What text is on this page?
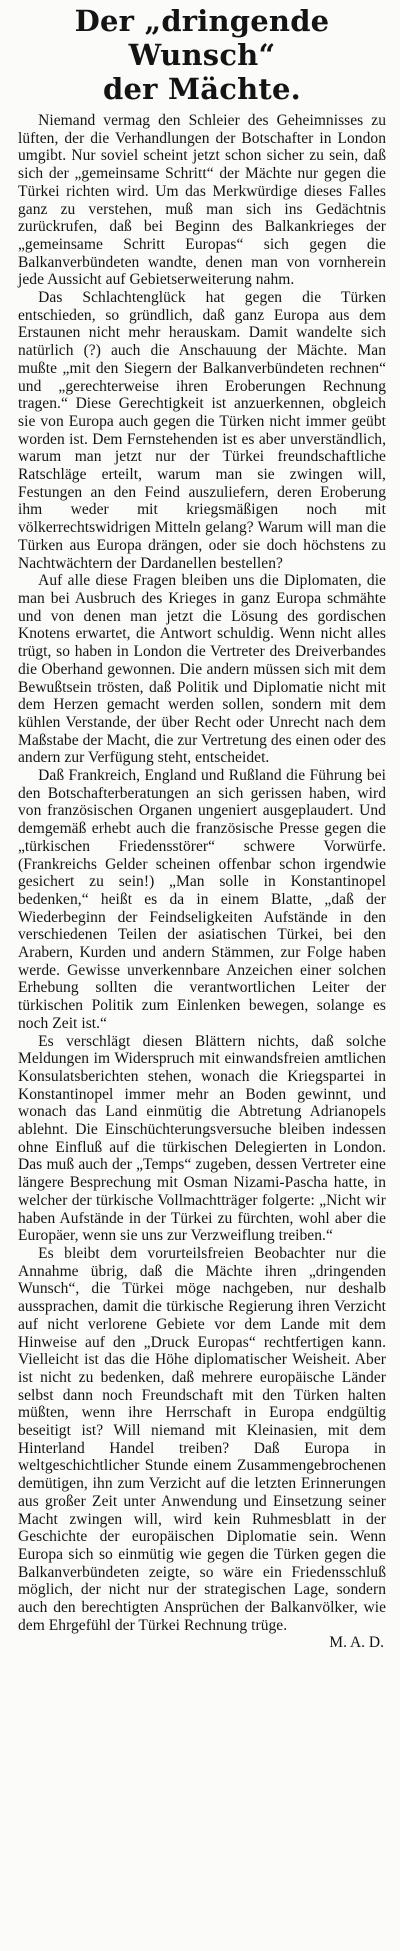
Der „dringende Wunsch“
der Mächte.

Niemand vermag den Schleier des Geheimnisses zu lüften, der die Verhandlungen der Botschafter in London umgibt. Nur soviel scheint jetzt schon sicher zu sein, daß sich der „gemeinsame Schritt“ der Mächte nur gegen die Türkei richten wird. Um das Merkwürdige dieses Falles ganz zu verstehen, muß man sich ins Gedächtnis zurückrufen, daß bei Beginn des Balkankrieges der „gemeinsame Schritt Europas“ sich gegen die Balkanverbündeten wandte, denen man von vornherein jede Aussicht auf Gebietserweiterung nahm.

Das Schlachtenglück hat gegen die Türken entschieden, so gründlich, daß ganz Europa aus dem Erstaunen nicht mehr herauskam. Damit wandelte sich natürlich (?) auch die Anschauung der Mächte. Man mußte „mit den Siegern der Balkanverbündeten rechnen“ und „gerechterweise ihren Eroberungen Rechnung tragen.“ Diese Gerechtigkeit ist anzuerkennen, obgleich sie von Europa auch gegen die Türken nicht immer geübt worden ist. Dem Fernstehenden ist es aber unverständlich, warum man jetzt nur der Türkei freundschaftliche Ratschläge erteilt, warum man sie zwingen will, Festungen an den Feind auszuliefern, deren Eroberung ihm weder mit kriegsmäßigen noch mit völkerrechtswidrigen Mitteln gelang? Warum will man die Türken aus Europa drängen, oder sie doch höchstens zu Nachtwächtern der Dardanellen bestellen?

Auf alle diese Fragen bleiben uns die Diplomaten, die man bei Ausbruch des Krieges in ganz Europa schmähte und von denen man jetzt die Lösung des gordischen Knotens erwartet, die Antwort schuldig. Wenn nicht alles trügt, so haben in London die Vertreter des Dreiverbandes die Oberhand gewonnen. Die andern müssen sich mit dem Bewußtsein trösten, daß Politik und Diplomatie nicht mit dem Herzen gemacht werden sollen, sondern mit dem kühlen Verstande, der über Recht oder Unrecht nach dem Maßstabe der Macht, die zur Vertretung des einen oder des andern zur Verfügung steht, entscheidet.

Daß Frankreich, England und Rußland die Führung bei den Botschafterberatungen an sich gerissen haben, wird von französischen Organen ungeniert ausgeplaudert. Und demgemäß erhebt auch die französische Presse gegen die „türkischen Friedensstörer“ schwere Vorwürfe. (Frankreichs Gelder scheinen offenbar schon irgendwie gesichert zu sein!) „Man solle in Konstantinopel bedenken,“ heißt es da in einem Blatte, „daß der Wiederbeginn der Feindseligkeiten Aufstände in den verschiedenen Teilen der asiatischen Türkei, bei den Arabern, Kurden und andern Stämmen, zur Folge haben werde. Gewisse unverkennbare Anzeichen einer solchen Erhebung sollten die verantwortlichen Leiter der türkischen Politik zum Einlenken bewegen, solange es noch Zeit ist.“

Es verschlägt diesen Blättern nichts, daß solche Meldungen im Widerspruch mit einwandsfreien amtlichen Konsulatsberichten stehen, wonach die Kriegspartei in Konstantinopel immer mehr an Boden gewinnt, und wonach das Land einmütig die Abtretung Adrianopels ablehnt. Die Einschüchterungsversuche bleiben indessen ohne Einfluß auf die türkischen Delegierten in London. Das muß auch der „Temps“ zugeben, dessen Vertreter eine längere Besprechung mit Osman Nizami-Pascha hatte, in welcher der türkische Vollmachtträger folgerte: „Nicht wir haben Aufstände in der Türkei zu fürchten, wohl aber die Europäer, wenn sie uns zur Verzweiflung treiben.“

Es bleibt dem vorurteilsfreien Beobachter nur die Annahme übrig, daß die Mächte ihren „dringenden Wunsch“, die Türkei möge nachgeben, nur deshalb aussprachen, damit die türkische Regierung ihren Verzicht auf nicht verlorene Gebiete vor dem Lande mit dem Hinweise auf den „Druck Europas“ rechtfertigen kann. Vielleicht ist das die Höhe diplomatischer Weisheit. Aber ist nicht zu bedenken, daß mehrere europäische Länder selbst dann noch Freundschaft mit den Türken halten müßten, wenn ihre Herrschaft in Europa endgültig beseitigt ist? Will niemand mit Kleinasien, mit dem Hinterland Handel treiben? Daß Europa in weltgeschichtlicher Stunde einem Zusammengebrochenen demütigen, ihn zum Verzicht auf die letzten Erinnerungen aus großer Zeit unter Anwendung und Einsetzung seiner Macht zwingen will, wird kein Ruhmesblatt in der Geschichte der europäischen Diplomatie sein. Wenn Europa sich so einmütig wie gegen die Türken gegen die Balkanverbündeten zeigte, so wäre ein Friedensschluß möglich, der nicht nur der strategischen Lage, sondern auch den berechtigten Ansprüchen der Balkanvölker, wie dem Ehrgefühl der Türkei Rechnung trüge.

M. A. D.
